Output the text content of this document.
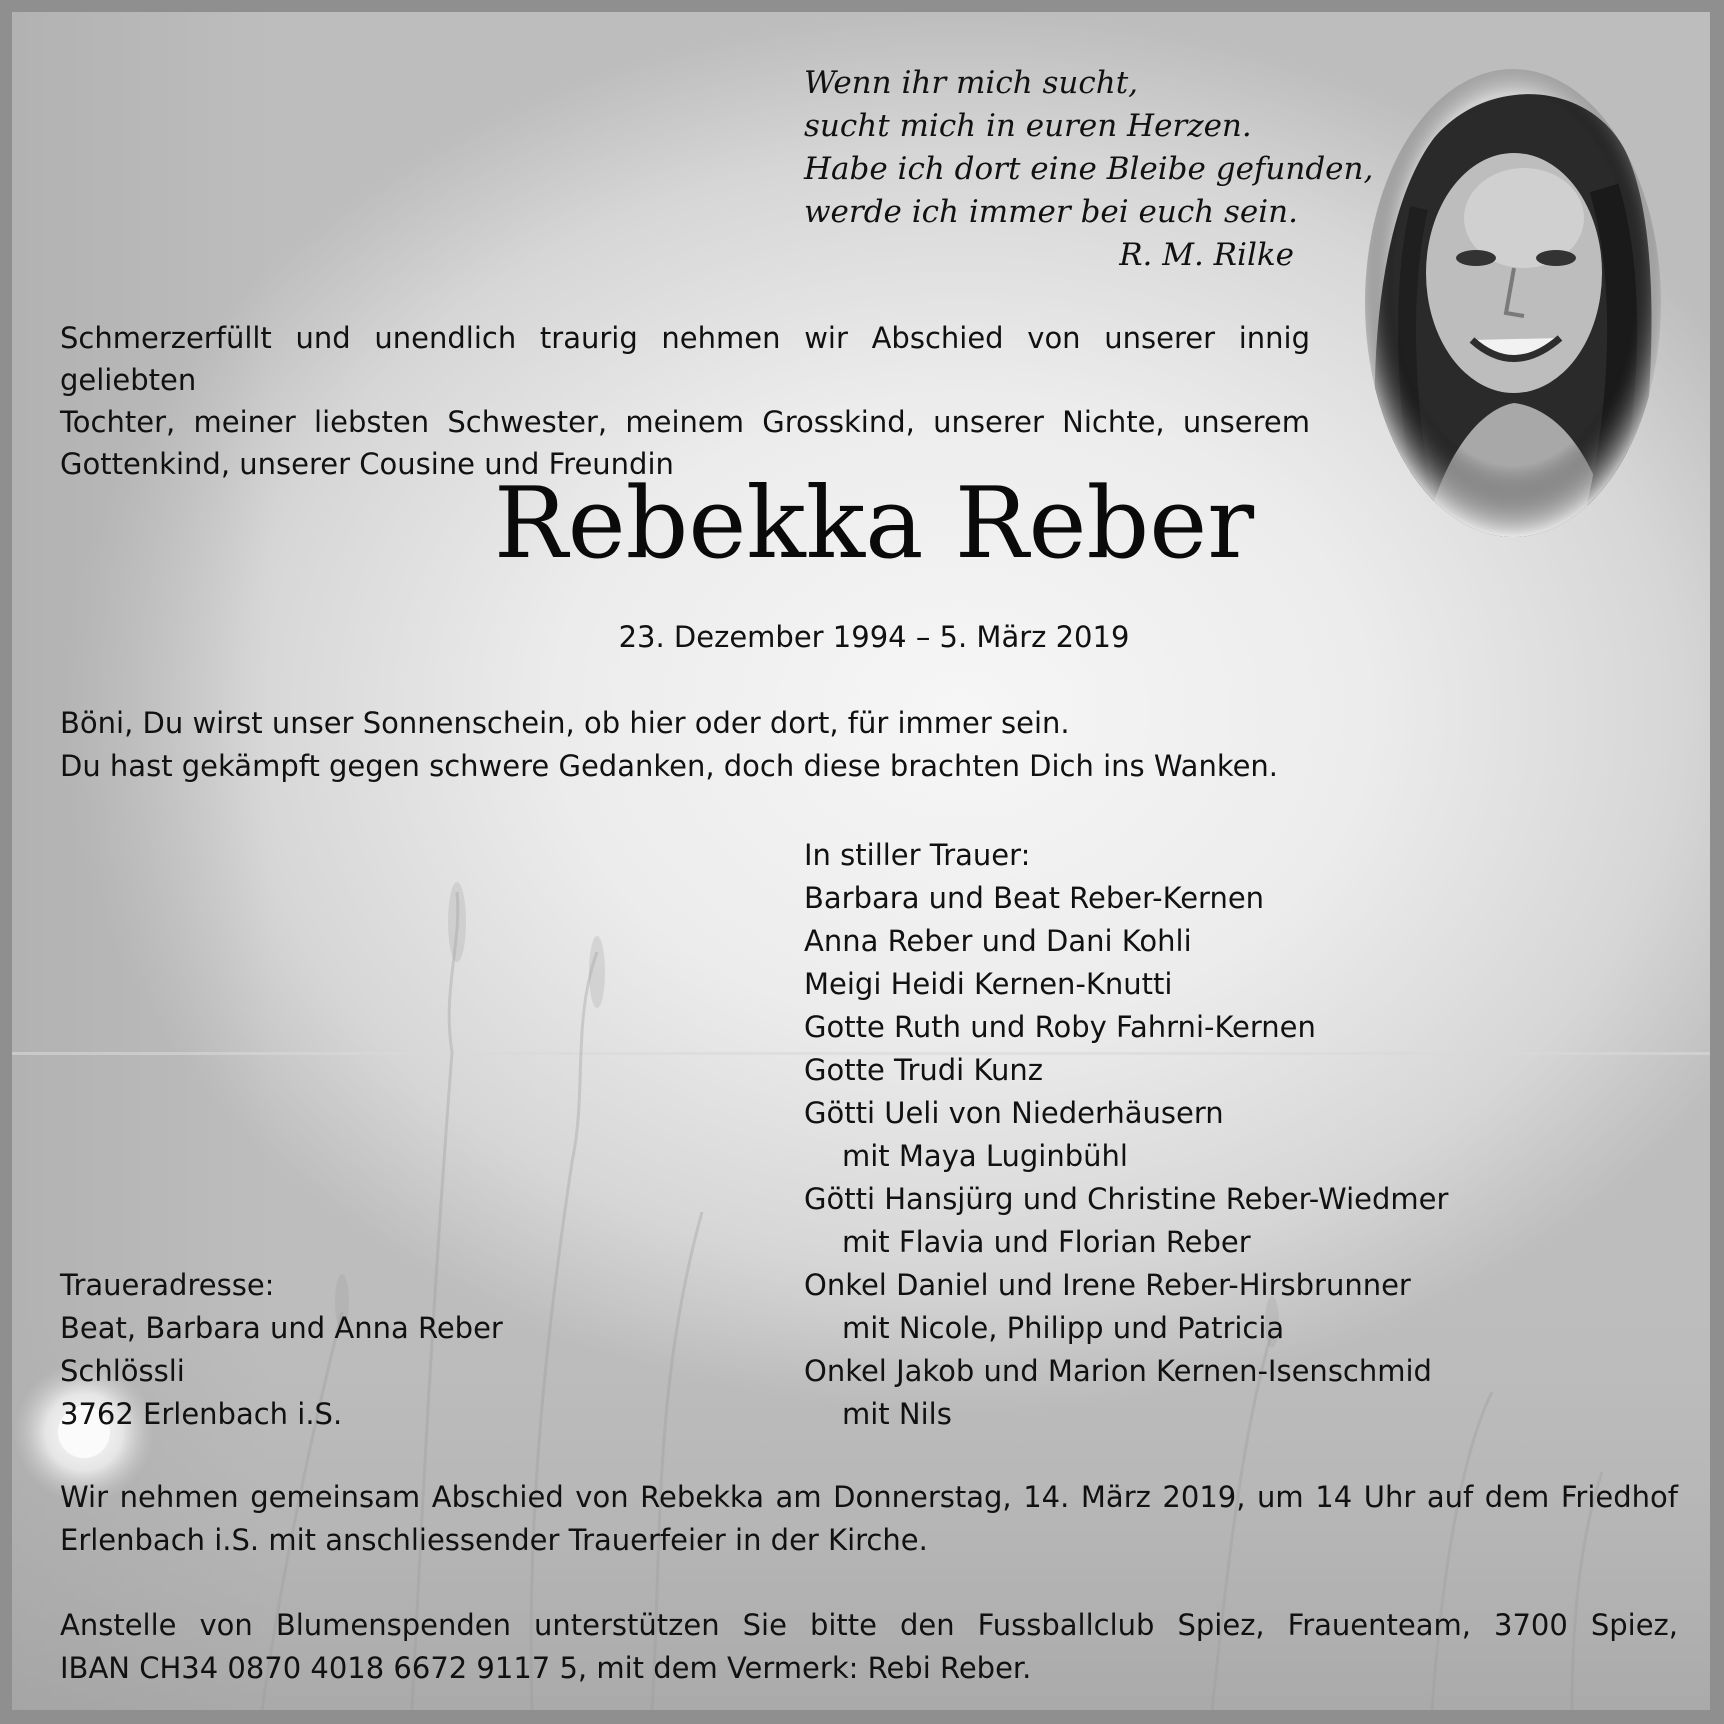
Wenn ihr mich sucht,
sucht mich in euren Herzen.
Habe ich dort eine Bleibe gefunden,
werde ich immer bei euch sein.
R. M. Rilke
Schmerzerfüllt und unendlich traurig nehmen wir Abschied von unserer innig geliebten
Tochter, meiner liebsten Schwester, meinem Grosskind, unserer Nichte, unserem
Gottenkind, unserer Cousine und Freundin
Rebekka Reber
23. Dezember 1994 – 5. März 2019
Böni, Du wirst unser Sonnenschein, ob hier oder dort, für immer sein.
Du hast gekämpft gegen schwere Gedanken, doch diese brachten Dich ins Wanken.
In stiller Trauer:
Barbara und Beat Reber-Kernen
Anna Reber und Dani Kohli
Meigi Heidi Kernen-Knutti
Gotte Ruth und Roby Fahrni-Kernen
Gotte Trudi Kunz
Götti Ueli von Niederhäusern
mit Maya Luginbühl
Götti Hansjürg und Christine Reber-Wiedmer
mit Flavia und Florian Reber
Onkel Daniel und Irene Reber-Hirsbrunner
mit Nicole, Philipp und Patricia
Onkel Jakob und Marion Kernen-Isenschmid
mit Nils
Traueradresse:
Beat, Barbara und Anna Reber
Schlössli
3762 Erlenbach i.S.
Wir nehmen gemeinsam Abschied von Rebekka am Donnerstag, 14. März 2019, um 14 Uhr auf dem Friedhof
Erlenbach i.S. mit anschliessender Trauerfeier in der Kirche.
Anstelle von Blumenspenden unterstützen Sie bitte den Fussballclub Spiez, Frauenteam, 3700 Spiez,
IBAN CH34 0870 4018 6672 9117 5, mit dem Vermerk: Rebi Reber.
